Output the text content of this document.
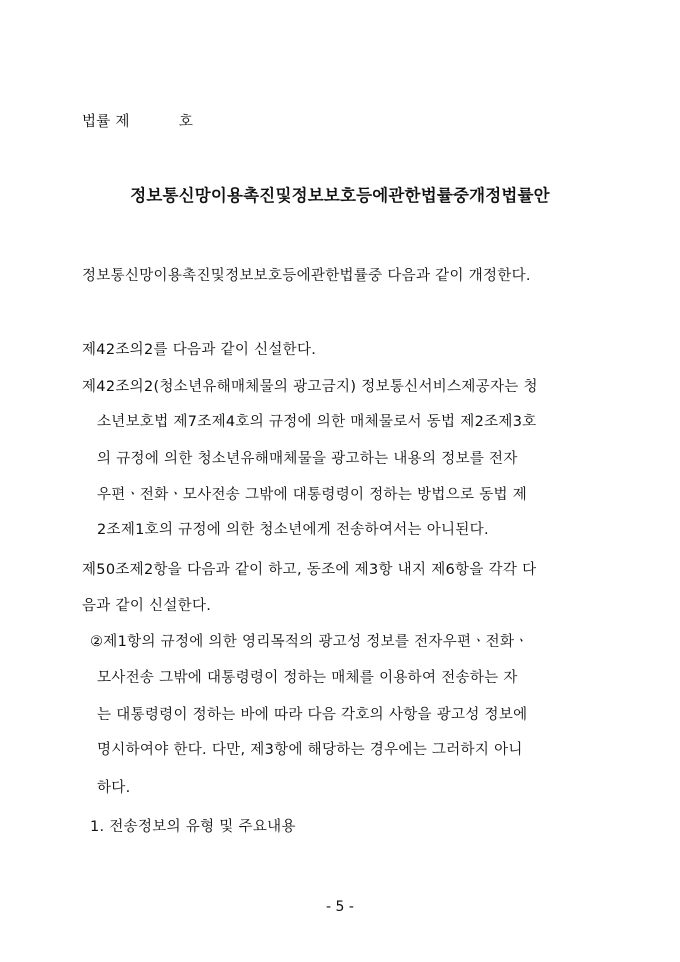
법률 제          호
정보통신망이용촉진및정보보호등에관한법률중개정법률안
정보통신망이용촉진및정보보호등에관한법률중 다음과 같이 개정한다.
제42조의2를 다음과 같이 신설한다.
제42조의2(청소년유해매체물의 광고금지) 정보통신서비스제공자는 청
소년보호법 제7조제4호의 규정에 의한 매체물로서 동법 제2조제3호
의 규정에 의한 청소년유해매체물을 광고하는 내용의 정보를 전자
우편ㆍ전화ㆍ모사전송 그밖에 대통령령이 정하는 방법으로 동법 제
2조제1호의 규정에 의한 청소년에게 전송하여서는 아니된다.
제50조제2항을 다음과 같이 하고, 동조에 제3항 내지 제6항을 각각 다
음과 같이 신설한다.
②제1항의 규정에 의한 영리목적의 광고성 정보를 전자우편ㆍ전화ㆍ
모사전송 그밖에 대통령령이 정하는 매체를 이용하여 전송하는 자
는 대통령령이 정하는 바에 따라 다음 각호의 사항을 광고성 정보에
명시하여야 한다. 다만, 제3항에 해당하는 경우에는 그러하지 아니
하다.
1. 전송정보의 유형 및 주요내용
- 5 -
